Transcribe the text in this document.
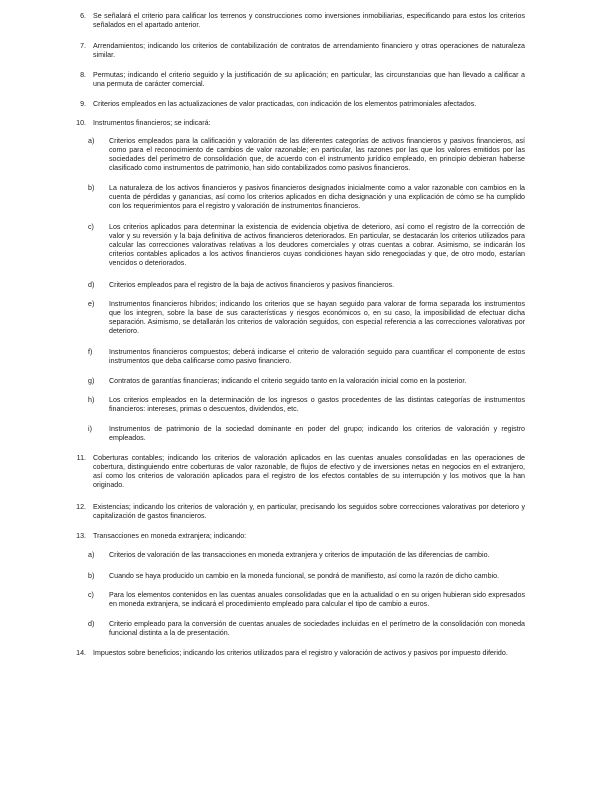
6. Se señalará el criterio para calificar los terrenos y construcciones como inversiones inmobiliarias, especificando para estos los criterios señalados en el apartado anterior.
7. Arrendamientos; indicando los criterios de contabilización de contratos de arrendamiento financiero y otras operaciones de naturaleza similar.
8. Permutas; indicando el criterio seguido y la justificación de su aplicación; en particular, las circunstancias que han llevado a calificar a una permuta de carácter comercial.
9. Criterios empleados en las actualizaciones de valor practicadas, con indicación de los elementos patrimoniales afectados.
10. Instrumentos financieros; se indicará:
a)	Criterios empleados para la calificación y valoración de las diferentes categorías de activos financieros y pasivos financieros, así como para el reconocimiento de cambios de valor razonable; en particular, las razones por las que los valores emitidos por las sociedades del perímetro de consolidación que, de acuerdo con el instrumento jurídico empleado, en principio debieran haberse clasificado como instrumentos de patrimonio, han sido contabilizados como pasivos financieros.
b)	La naturaleza de los activos financieros y pasivos financieros designados inicialmente como a valor razonable con cambios en la cuenta de pérdidas y ganancias, así como los criterios aplicados en dicha designación y una explicación de cómo se ha cumplido con los requerimientos para el registro y valoración de instrumentos financieros.
c)	Los criterios aplicados para determinar la existencia de evidencia objetiva de deterioro, así como el registro de la corrección de valor y su reversión y la baja definitiva de activos financieros deteriorados. En particular, se destacarán los criterios utilizados para calcular las correcciones valorativas relativas a los deudores comerciales y otras cuentas a cobrar. Asimismo, se indicarán los criterios contables aplicados a los activos financieros cuyas condiciones hayan sido renegociadas y que, de otro modo, estarían vencidos o deteriorados.
d)	Criterios empleados para el registro de la baja de activos financieros y pasivos financieros.
e)	Instrumentos financieros híbridos; indicando los criterios que se hayan seguido para valorar de forma separada los instrumentos que los integren, sobre la base de sus características y riesgos económicos o, en su caso, la imposibilidad de efectuar dicha separación. Asimismo, se detallarán los criterios de valoración seguidos, con especial referencia a las correcciones valorativas por deterioro.
f)	Instrumentos financieros compuestos; deberá indicarse el criterio de valoración seguido para cuantificar el componente de estos instrumentos que deba calificarse como pasivo financiero.
g)	Contratos de garantías financieras; indicando el criterio seguido tanto en la valoración inicial como en la posterior.
h)	Los criterios empleados en la determinación de los ingresos o gastos procedentes de las distintas categorías de instrumentos financieros: intereses, primas o descuentos, dividendos, etc.
i)	Instrumentos de patrimonio de la sociedad dominante en poder del grupo; indicando los criterios de valoración y registro empleados.
11. Coberturas contables; indicando los criterios de valoración aplicados en las cuentas anuales consolidadas en las operaciones de cobertura, distinguiendo entre coberturas de valor razonable, de flujos de efectivo y de inversiones netas en negocios en el extranjero, así como los criterios de valoración aplicados para el registro de los efectos contables de su interrupción y los motivos que la han originado.
12. Existencias; indicando los criterios de valoración y, en particular, precisando los seguidos sobre correcciones valorativas por deterioro y capitalización de gastos financieros.
13. Transacciones en moneda extranjera; indicando:
a)	Criterios de valoración de las transacciones en moneda extranjera y criterios de imputación de las diferencias de cambio.
b)	Cuando se haya producido un cambio en la moneda funcional, se pondrá de manifiesto, así como la razón de dicho cambio.
c)	Para los elementos contenidos en las cuentas anuales consolidadas que en la actualidad o en su origen hubieran sido expresados en moneda extranjera, se indicará el procedimiento empleado para calcular el tipo de cambio a euros.
d)	Criterio empleado para la conversión de cuentas anuales de sociedades incluidas en el perímetro de la consolidación con moneda funcional distinta a la de presentación.
14. Impuestos sobre beneficios; indicando los criterios utilizados para el registro y valoración de activos y pasivos por impuesto diferido.
